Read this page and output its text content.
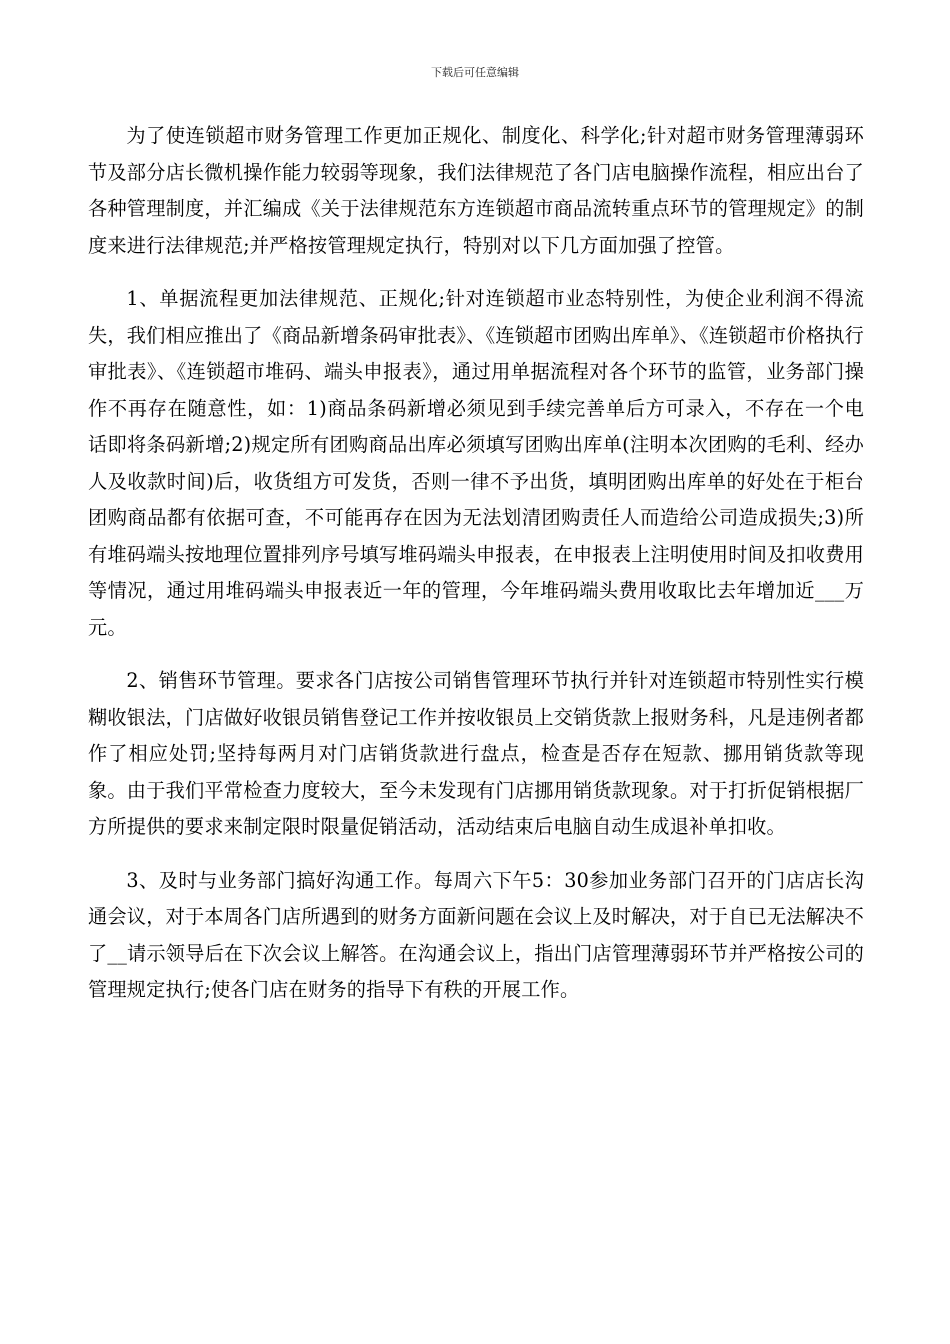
下载后可任意编辑

为了使连锁超市财务管理工作更加正规化、制度化、科学化;针对超市财务管理薄弱环节及部分店长微机操作能力较弱等现象，我们法律规范了各门店电脑操作流程，相应出台了各种管理制度，并汇编成《关于法律规范东方连锁超市商品流转重点环节的管理规定》的制度来进行法律规范;并严格按管理规定执行，特别对以下几方面加强了控管。

1、单据流程更加法律规范、正规化;针对连锁超市业态特别性，为使企业利润不得流失，我们相应推出了《商品新增条码审批表》、《连锁超市团购出库单》、《连锁超市价格执行审批表》、《连锁超市堆码、端头申报表》，通过用单据流程对各个环节的监管，业务部门操作不再存在随意性，如：1)商品条码新增必须见到手续完善单后方可录入，不存在一个电话即将条码新增;2)规定所有团购商品出库必须填写团购出库单(注明本次团购的毛利、经办人及收款时间)后，收货组方可发货，否则一律不予出货，填明团购出库单的好处在于柜台团购商品都有依据可查，不可能再存在因为无法划清团购责任人而造给公司造成损失;3)所有堆码端头按地理位置排列序号填写堆码端头申报表，在申报表上注明使用时间及扣收费用等情况，通过用堆码端头申报表近一年的管理，今年堆码端头费用收取比去年增加近___万元。

2、销售环节管理。要求各门店按公司销售管理环节执行并针对连锁超市特别性实行模糊收银法，门店做好收银员销售登记工作并按收银员上交销货款上报财务科，凡是违例者都作了相应处罚;坚持每两月对门店销货款进行盘点，检查是否存在短款、挪用销货款等现象。由于我们平常检查力度较大，至今未发现有门店挪用销货款现象。对于打折促销根据厂方所提供的要求来制定限时限量促销活动，活动结束后电脑自动生成退补单扣收。

3、及时与业务部门搞好沟通工作。每周六下午5：30参加业务部门召开的门店店长沟通会议，对于本周各门店所遇到的财务方面新问题在会议上及时解决，对于自已无法解决不了__请示领导后在下次会议上解答。在沟通会议上，指出门店管理薄弱环节并严格按公司的管理规定执行;使各门店在财务的指导下有秩的开展工作。
